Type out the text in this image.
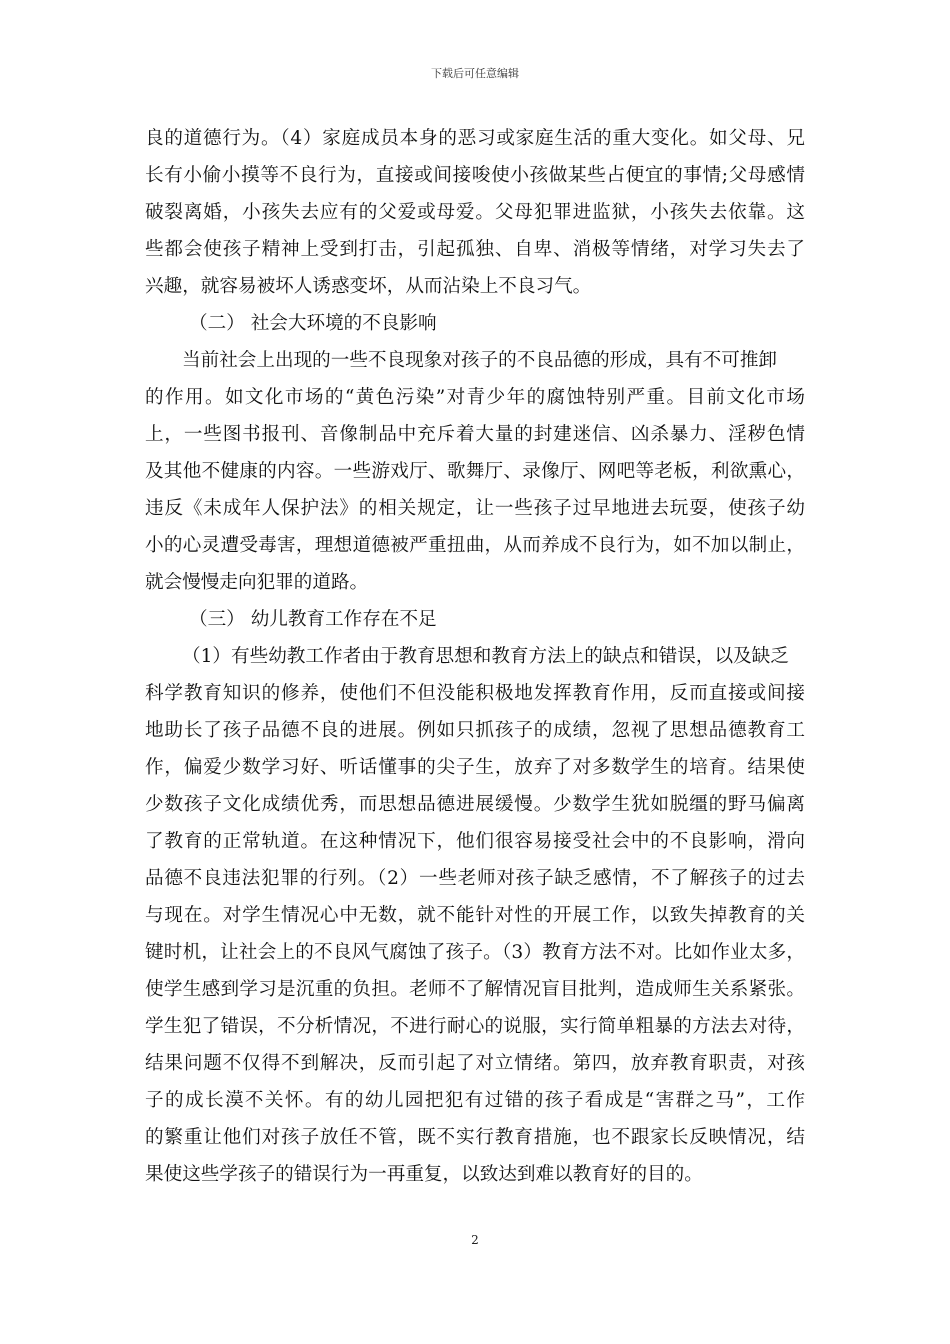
下载后可任意编辑
良的道德行为。（4）家庭成员本身的恶习或家庭生活的重大变化。如父母、兄
长有小偷小摸等不良行为，直接或间接唆使小孩做某些占便宜的事情;父母感情
破裂离婚，小孩失去应有的父爱或母爱。父母犯罪进监狱，小孩失去依靠。这
些都会使孩子精神上受到打击，引起孤独、自卑、消极等情绪，对学习失去了
兴趣，就容易被坏人诱惑变坏，从而沾染上不良习气。
（二） 社会大环境的不良影响
当前社会上出现的一些不良现象对孩子的不良品德的形成，具有不可推卸
的作用。如文化市场的“黄色污染”对青少年的腐蚀特别严重。目前文化市场
上，一些图书报刊、音像制品中充斥着大量的封建迷信、凶杀暴力、淫秽色情
及其他不健康的内容。一些游戏厅、歌舞厅、录像厅、网吧等老板，利欲熏心，
违反《未成年人保护法》的相关规定，让一些孩子过早地进去玩耍，使孩子幼
小的心灵遭受毒害，理想道德被严重扭曲，从而养成不良行为，如不加以制止，
就会慢慢走向犯罪的道路。
（三） 幼儿教育工作存在不足
（1）有些幼教工作者由于教育思想和教育方法上的缺点和错误，以及缺乏
科学教育知识的修养，使他们不但没能积极地发挥教育作用，反而直接或间接
地助长了孩子品德不良的进展。例如只抓孩子的成绩，忽视了思想品德教育工
作，偏爱少数学习好、听话懂事的尖子生，放弃了对多数学生的培育。结果使
少数孩子文化成绩优秀，而思想品德进展缓慢。少数学生犹如脱缰的野马偏离
了教育的正常轨道。在这种情况下，他们很容易接受社会中的不良影响，滑向
品德不良违法犯罪的行列。（2）一些老师对孩子缺乏感情，不了解孩子的过去
与现在。对学生情况心中无数，就不能针对性的开展工作，以致失掉教育的关
键时机，让社会上的不良风气腐蚀了孩子。（3）教育方法不对。比如作业太多，
使学生感到学习是沉重的负担。老师不了解情况盲目批判，造成师生关系紧张。
学生犯了错误，不分析情况，不进行耐心的说服，实行简单粗暴的方法去对待，
结果问题不仅得不到解决，反而引起了对立情绪。第四，放弃教育职责，对孩
子的成长漠不关怀。有的幼儿园把犯有过错的孩子看成是“害群之马”，工作
的繁重让他们对孩子放任不管，既不实行教育措施，也不跟家长反映情况，结
果使这些学孩子的错误行为一再重复，以致达到难以教育好的目的。
2
